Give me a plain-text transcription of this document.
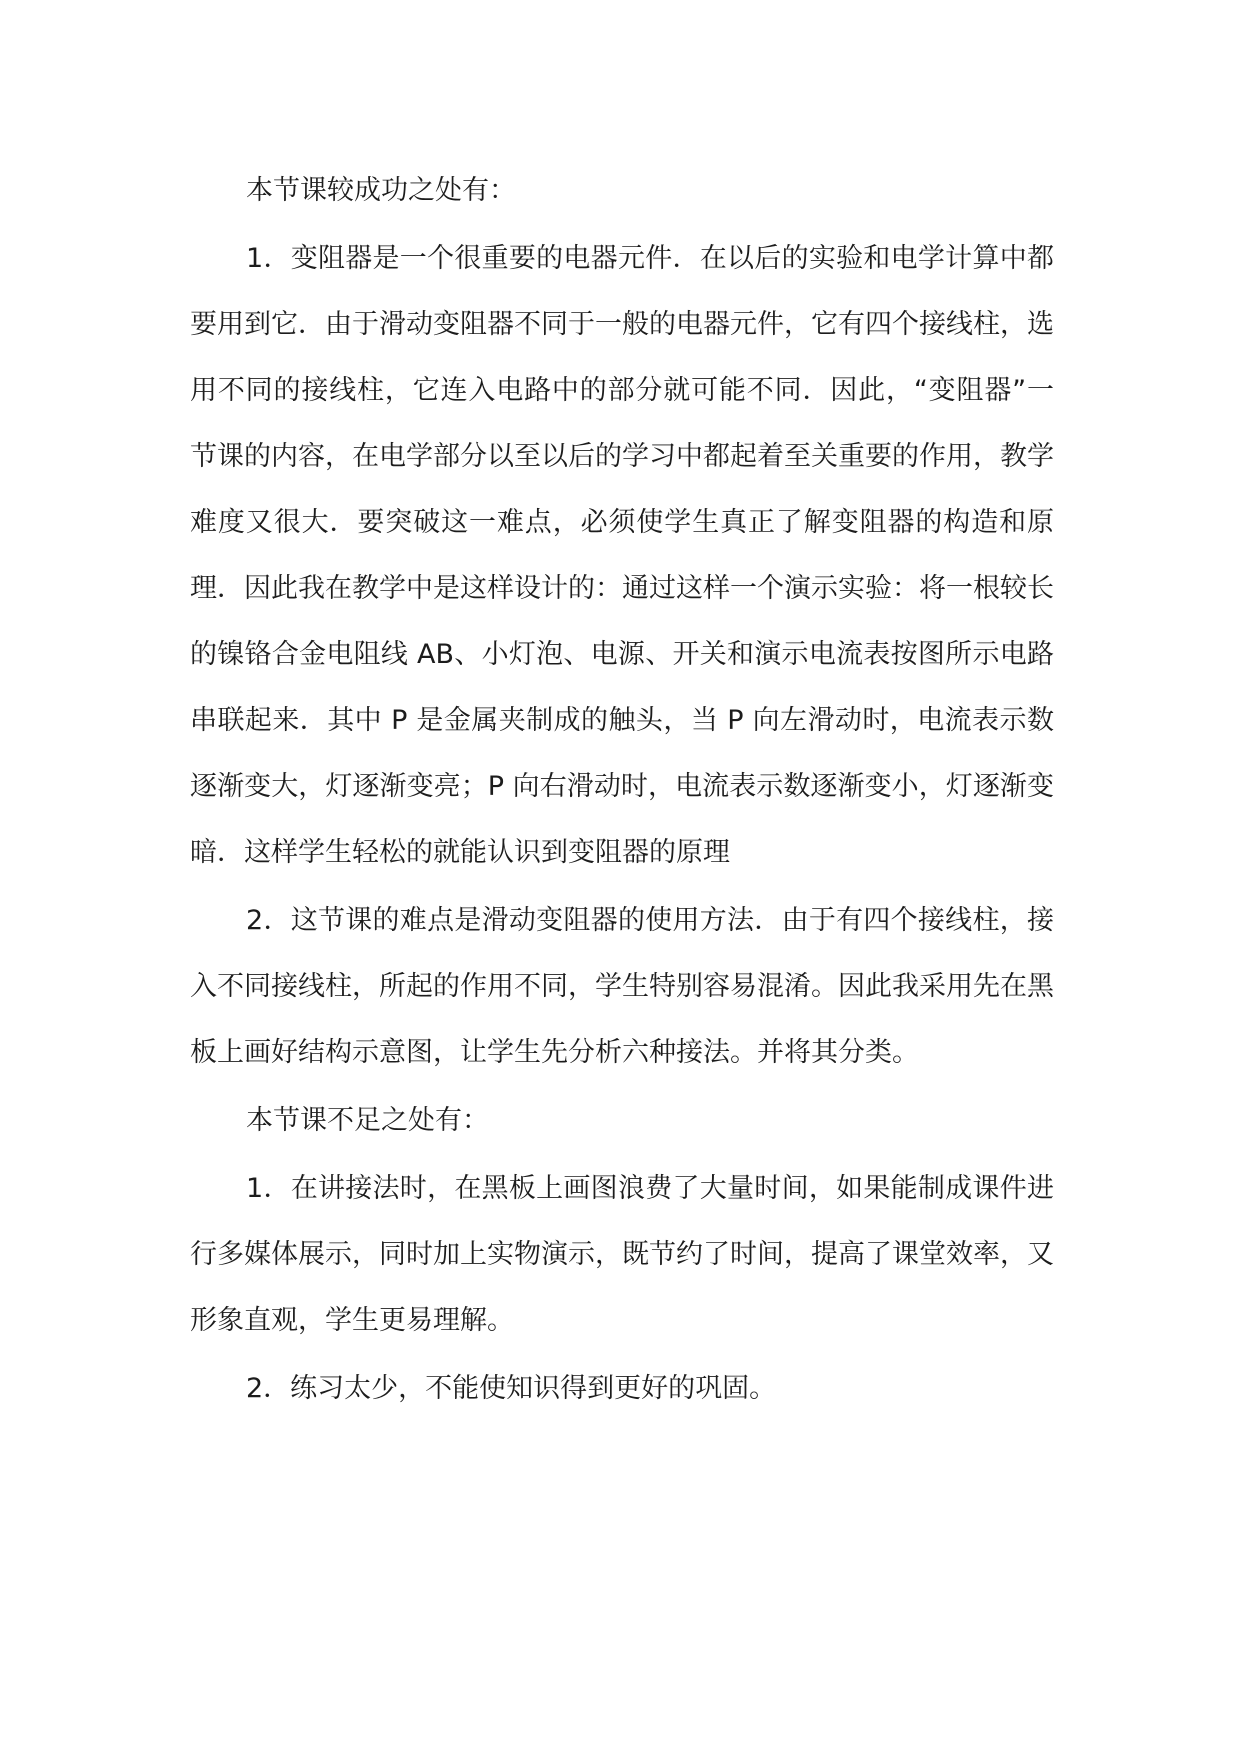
本节课较成功之处有：

1．变阻器是一个很重要的电器元件．在以后的实验和电学计算中都要用到它．由于滑动变阻器不同于一般的电器元件，它有四个接线柱，选用不同的接线柱，它连入电路中的部分就可能不同．因此，“变阻器”一节课的内容，在电学部分以至以后的学习中都起着至关重要的作用，教学难度又很大．要突破这一难点，必须使学生真正了解变阻器的构造和原理．因此我在教学中是这样设计的：通过这样一个演示实验：将一根较长的镍铬合金电阻线 AB、小灯泡、电源、开关和演示电流表按图所示电路串联起来．其中 P 是金属夹制成的触头，当 P 向左滑动时，电流表示数逐渐变大，灯逐渐变亮；P 向右滑动时，电流表示数逐渐变小，灯逐渐变暗．这样学生轻松的就能认识到变阻器的原理

2．这节课的难点是滑动变阻器的使用方法．由于有四个接线柱，接入不同接线柱，所起的作用不同，学生特别容易混淆。因此我采用先在黑板上画好结构示意图，让学生先分析六种接法。并将其分类。

本节课不足之处有：

1．在讲接法时，在黑板上画图浪费了大量时间，如果能制成课件进行多媒体展示，同时加上实物演示，既节约了时间，提高了课堂效率，又形象直观，学生更易理解。

2．练习太少，不能使知识得到更好的巩固。
